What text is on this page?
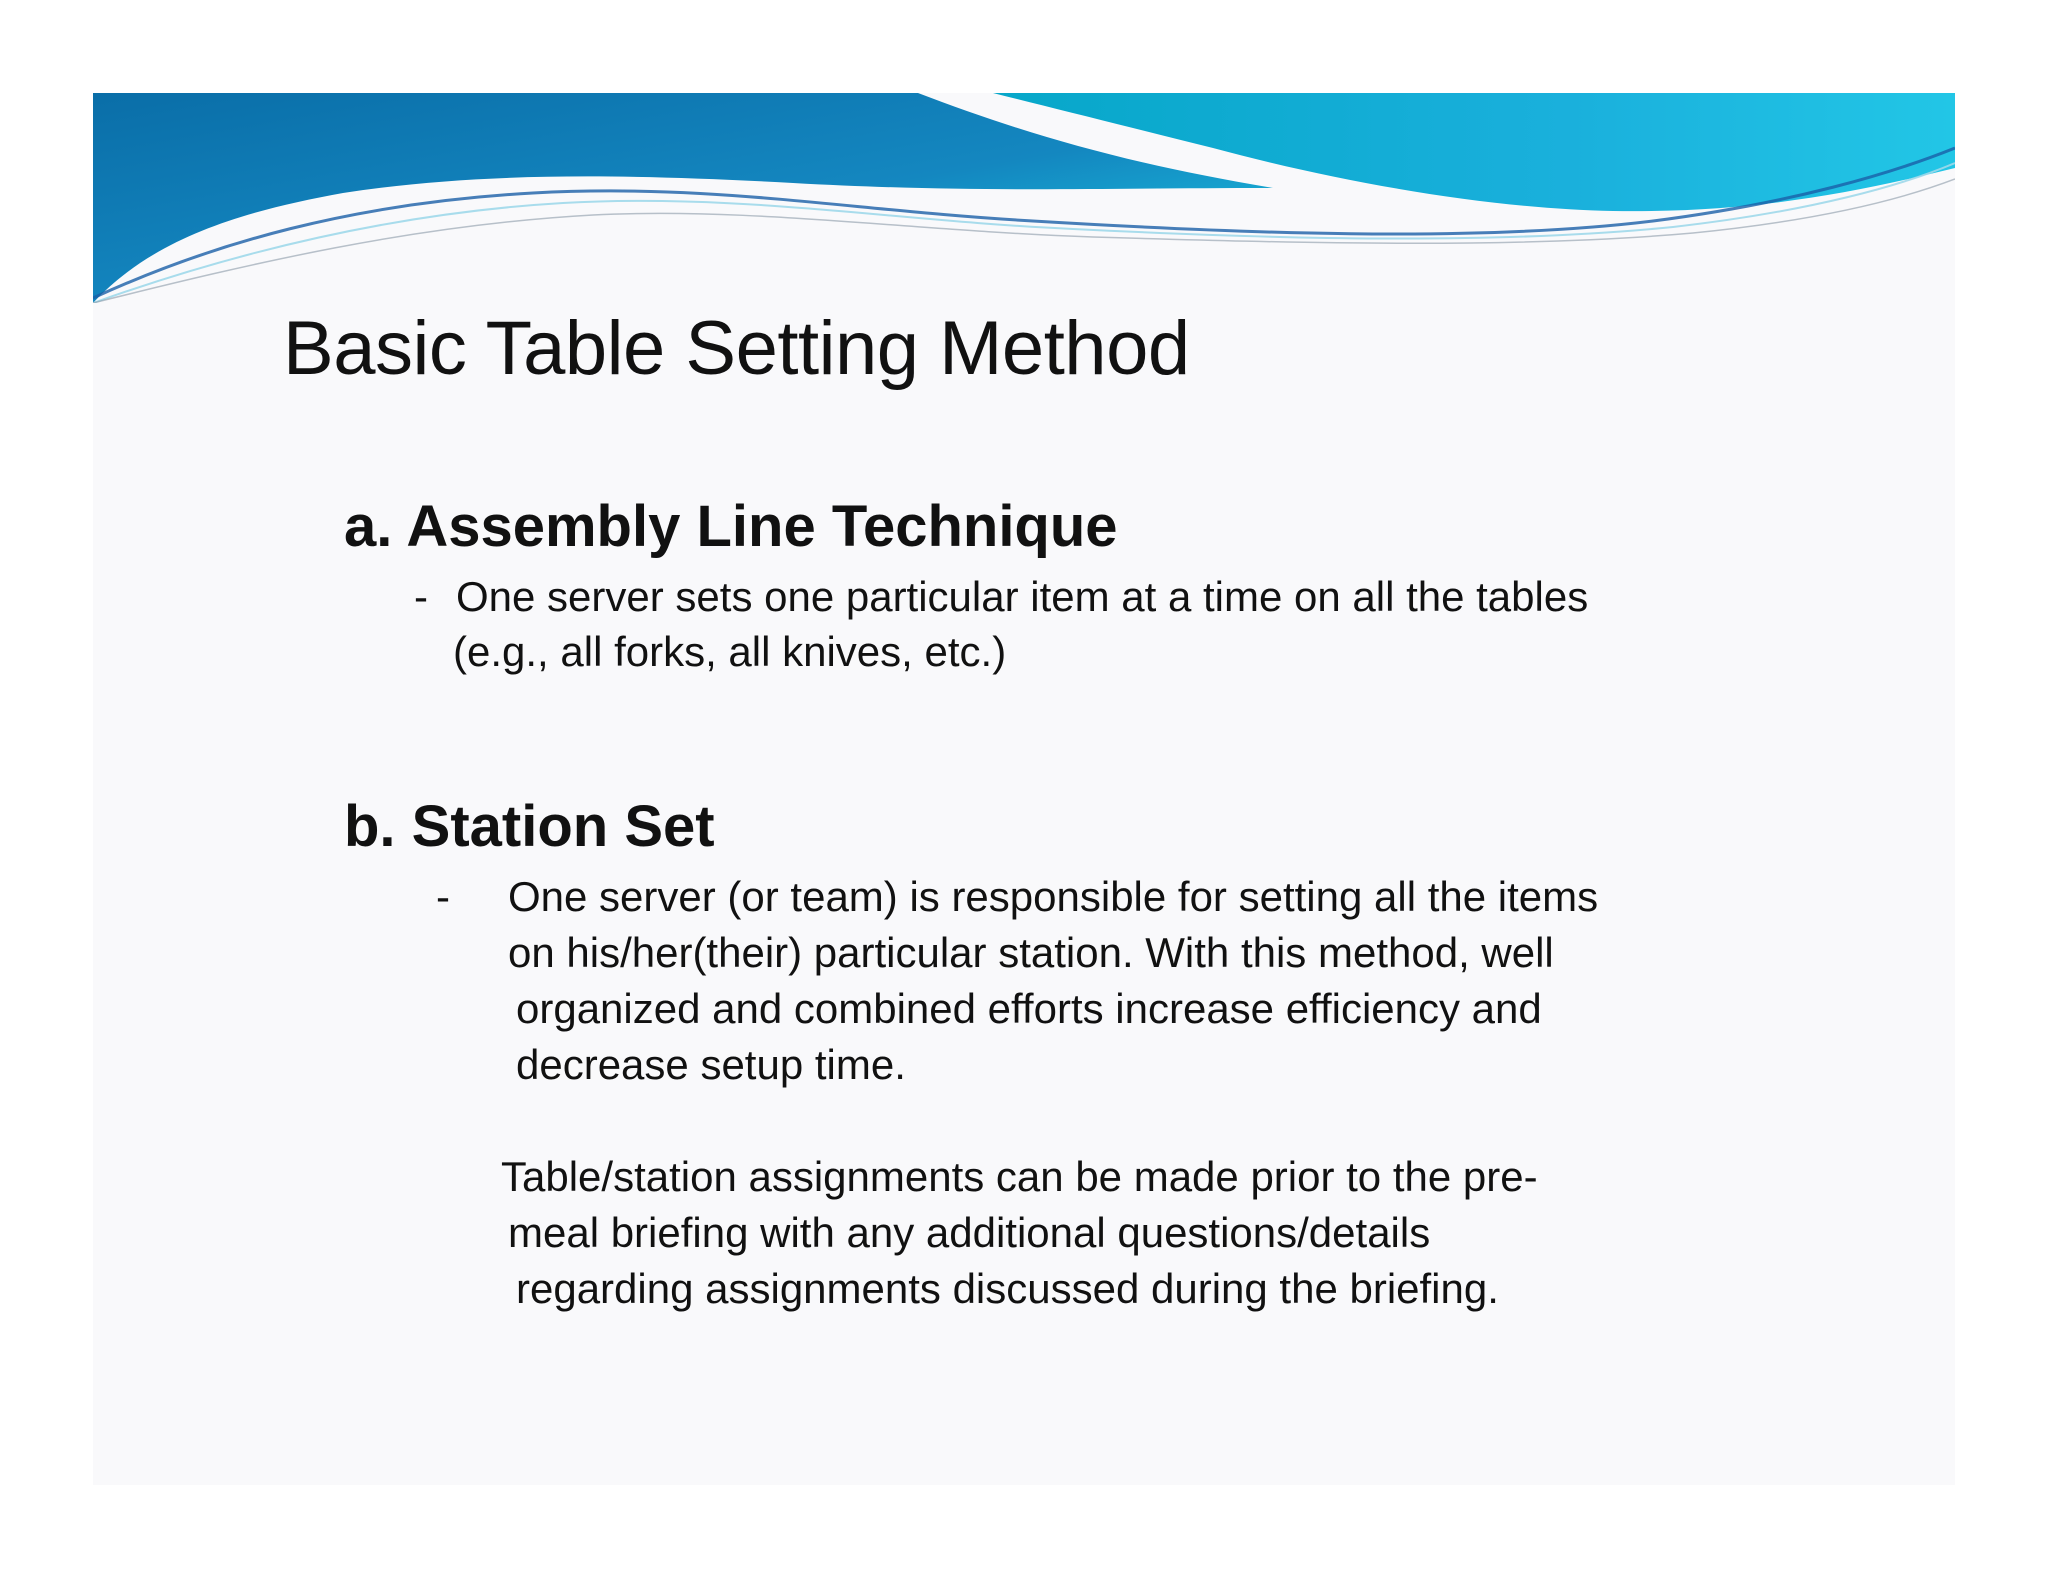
Basic Table Setting Method
a. Assembly Line Technique
- One server sets one particular item at a time on all the tables
(e.g., all forks, all knives, etc.)
b. Station Set
- One server (or team) is responsible for setting all the items
on his/her(their) particular station. With this method, well
organized and combined efforts increase efficiency and
decrease setup time.
Table/station assignments can be made prior to the pre-
meal briefing with any additional questions/details
regarding assignments discussed during the briefing.
